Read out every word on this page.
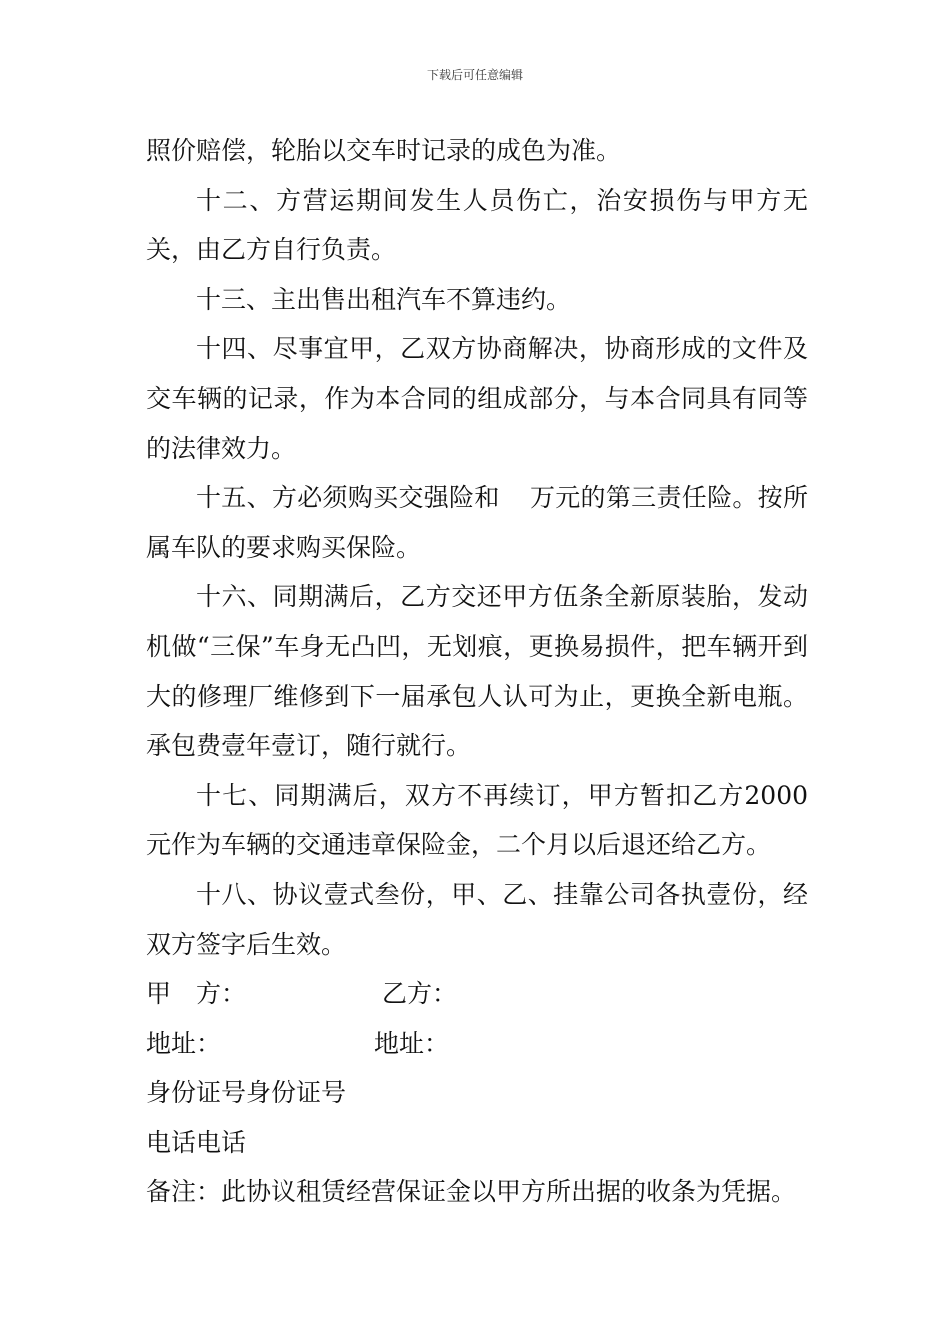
下载后可任意编辑

照价赔偿，轮胎以交车时记录的成色为准。

十二、方营运期间发生人员伤亡，治安损伤与甲方无关，由乙方自行负责。

十三、主出售出租汽车不算违约。

十四、尽事宜甲，乙双方协商解决，协商形成的文件及交车辆的记录，作为本合同的组成部分，与本合同具有同等的法律效力。

十五、方必须购买交强险和 万元的第三责任险。按所属车队的要求购买保险。

十六、同期满后，乙方交还甲方伍条全新原装胎，发动机做“三保”车身无凸凹，无划痕，更换易损件，把车辆开到大的修理厂维修到下一届承包人认可为止，更换全新电瓶。承包费壹年壹订，随行就行。

十七、同期满后，双方不再续订，甲方暂扣乙方2000元作为车辆的交通违章保险金，二个月以后退还给乙方。

十八、协议壹式叁份，甲、乙、挂靠公司各执壹份，经双方签字后生效。

甲　方：	乙方：
地址：	地址：
身份证号身份证号
电话电话
备注：此协议租赁经营保证金以甲方所出据的收条为凭据。
